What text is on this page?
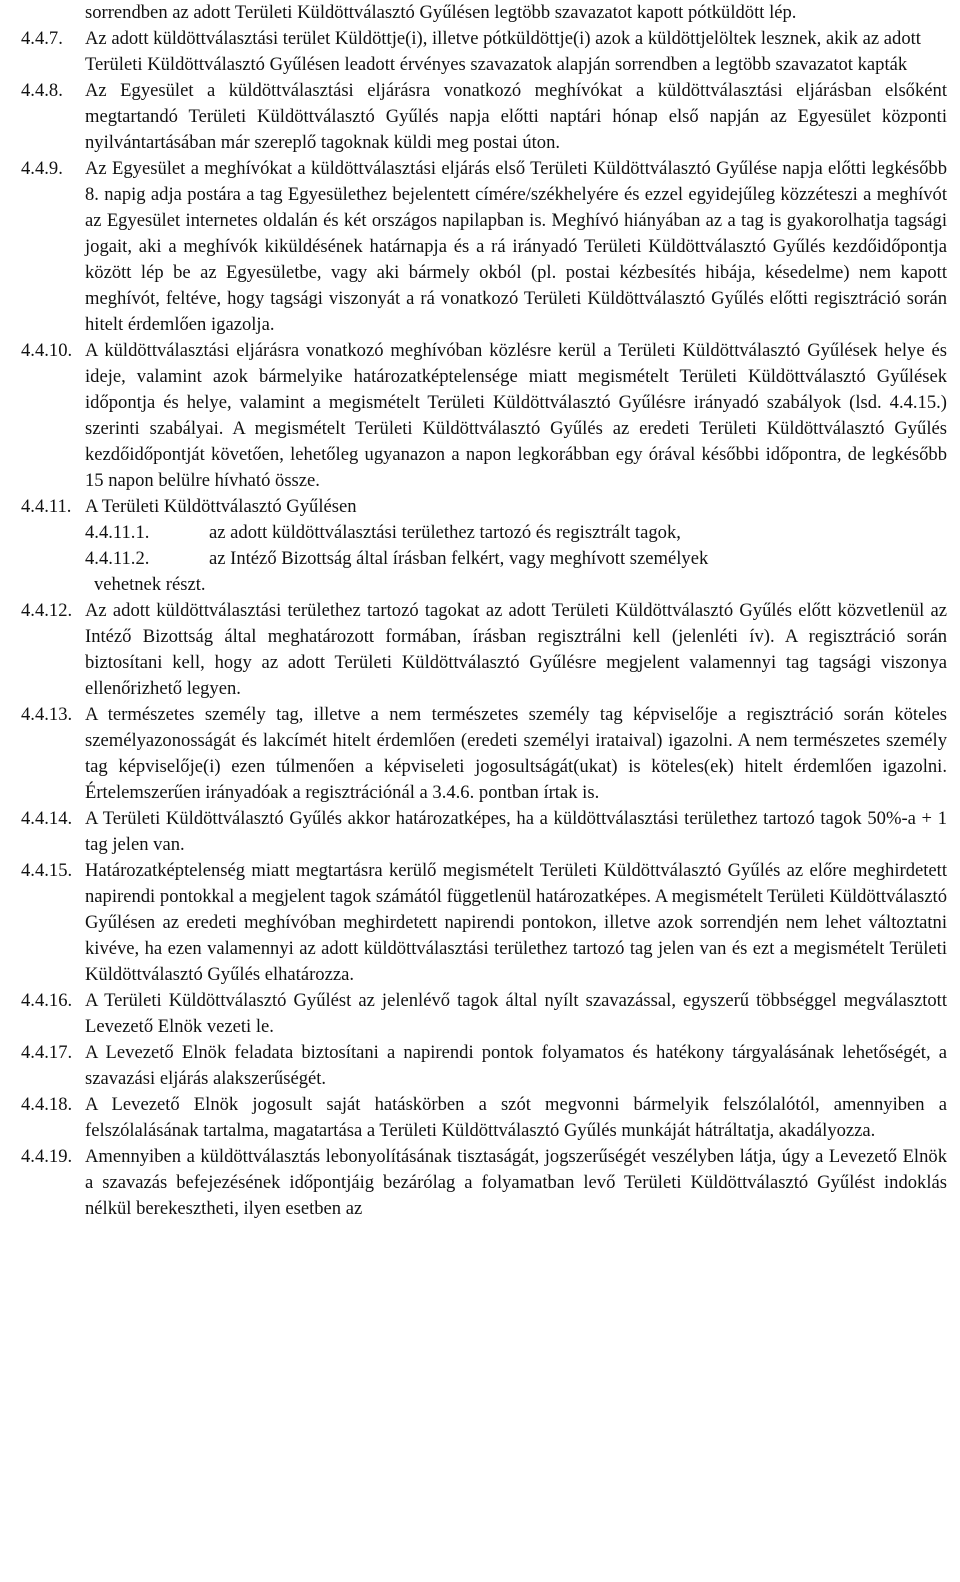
sorrendben az adott Területi Küldöttválasztó Gyűlésen legtöbb szavazatot kapott pótküldött lép.
4.4.7.	Az adott küldöttválasztási terület Küldöttje(i), illetve pótküldöttje(i) azok a küldöttjelöltek lesznek, akik az adott Területi Küldöttválasztó Gyűlésen leadott érvényes szavazatok alapján sorrendben a legtöbb szavazatot kapták
4.4.8.	Az Egyesület a küldöttválasztási eljárásra vonatkozó meghívókat a küldöttválasztási eljárásban elsőként megtartandó Területi Küldöttválasztó Gyűlés napja előtti naptári hónap első napján az Egyesület központi nyilvántartásában már szereplő tagoknak küldi meg postai úton.
4.4.9.	Az Egyesület a meghívókat a küldöttválasztási eljárás első Területi Küldöttválasztó Gyűlése napja előtti legkésőbb 8. napig adja postára a tag Egyesülethez bejelentett címére/székhelyére és ezzel egyidejűleg közzéteszi a meghívót az Egyesület internetes oldalán és két országos napilapban is. Meghívó hiányában az a tag is gyakorolhatja tagsági jogait, aki a meghívók kiküldésének határnapja és a rá irányadó Területi Küldöttválasztó Gyűlés kezdőidőpontja között lép be az Egyesületbe, vagy aki bármely okból (pl. postai kézbesítés hibája, késedelme) nem kapott meghívót, feltéve, hogy tagsági viszonyát a rá vonatkozó Területi Küldöttválasztó Gyűlés előtti regisztráció során hitelt érdemlően igazolja.
4.4.10. A küldöttválasztási eljárásra vonatkozó meghívóban közlésre kerül a Területi Küldöttválasztó Gyűlések helye és ideje, valamint azok bármelyike határozatképtelensége miatt megismételt Területi Küldöttválasztó Gyűlések időpontja és helye, valamint a megismételt Területi Küldöttválasztó Gyűlésre irányadó szabályok (lsd. 4.4.15.) szerinti szabályai. A megismételt Területi Küldöttválasztó Gyűlés az eredeti Területi Küldöttválasztó Gyűlés kezdőidőpontját követően, lehetőleg ugyanazon a napon legkorábban egy órával későbbi időpontra, de legkésőbb 15 napon belülre hívható össze.
4.4.11. A Területi Küldöttválasztó Gyűlésen
4.4.11.1.	az adott küldöttválasztási területhez tartozó és regisztrált tagok,
4.4.11.2.	az Intéző Bizottság által írásban felkért, vagy meghívott személyek
vehetnek részt.
4.4.12. Az adott küldöttválasztási területhez tartozó tagokat az adott Területi Küldöttválasztó Gyűlés előtt közvetlenül az Intéző Bizottság által meghatározott formában, írásban regisztrálni kell (jelenléti ív). A regisztráció során biztosítani kell, hogy az adott Területi Küldöttválasztó Gyűlésre megjelent valamennyi tag tagsági viszonya ellenőrizhető legyen.
4.4.13. A természetes személy tag, illetve a nem természetes személy tag képviselője a regisztráció során köteles személyazonosságát és lakcímét hitelt érdemlően (eredeti személyi irataival) igazolni. A nem természetes személy tag képviselője(i) ezen túlmenően a képviseleti jogosultságát(ukat) is köteles(ek) hitelt érdemlően igazolni. Értelemszerűen irányadóak a regisztrációnál a 3.4.6. pontban írtak is.
4.4.14. A Területi Küldöttválasztó Gyűlés akkor határozatképes, ha a küldöttválasztási területhez tartozó tagok 50%-a + 1 tag jelen van.
4.4.15. Határozatképtelenség miatt megtartásra kerülő megismételt Területi Küldöttválasztó Gyűlés az előre meghirdetett napirendi pontokkal a megjelent tagok számától függetlenül határozatképes. A megismételt Területi Küldöttválasztó Gyűlésen az eredeti meghívóban meghirdetett napirendi pontokon, illetve azok sorrendjén nem lehet változtatni kivéve, ha ezen valamennyi az adott küldöttválasztási területhez tartozó tag jelen van és ezt a megismételt Területi Küldöttválasztó Gyűlés elhatározza.
4.4.16. A Területi Küldöttválasztó Gyűlést az jelenlévő tagok által nyílt szavazással, egyszerű többséggel megválasztott Levezető Elnök vezeti le.
4.4.17. A Levezető Elnök feladata biztosítani a napirendi pontok folyamatos és hatékony tárgyalásának lehetőségét, a szavazási eljárás alakszerűségét.
4.4.18. A Levezető Elnök jogosult saját hatáskörben a szót megvonni bármelyik felszólalótól, amennyiben a felszólalásának tartalma, magatartása a Területi Küldöttválasztó Gyűlés munkáját hátráltatja, akadályozza.
4.4.19. Amennyiben a küldöttválasztás lebonyolításának tisztaságát, jogszerűségét veszélyben látja, úgy a Levezető Elnök a szavazás befejezésének időpontjáig bezárólag a folyamatban levő Területi Küldöttválasztó Gyűlést indoklás nélkül berekesztheti, ilyen esetben az
